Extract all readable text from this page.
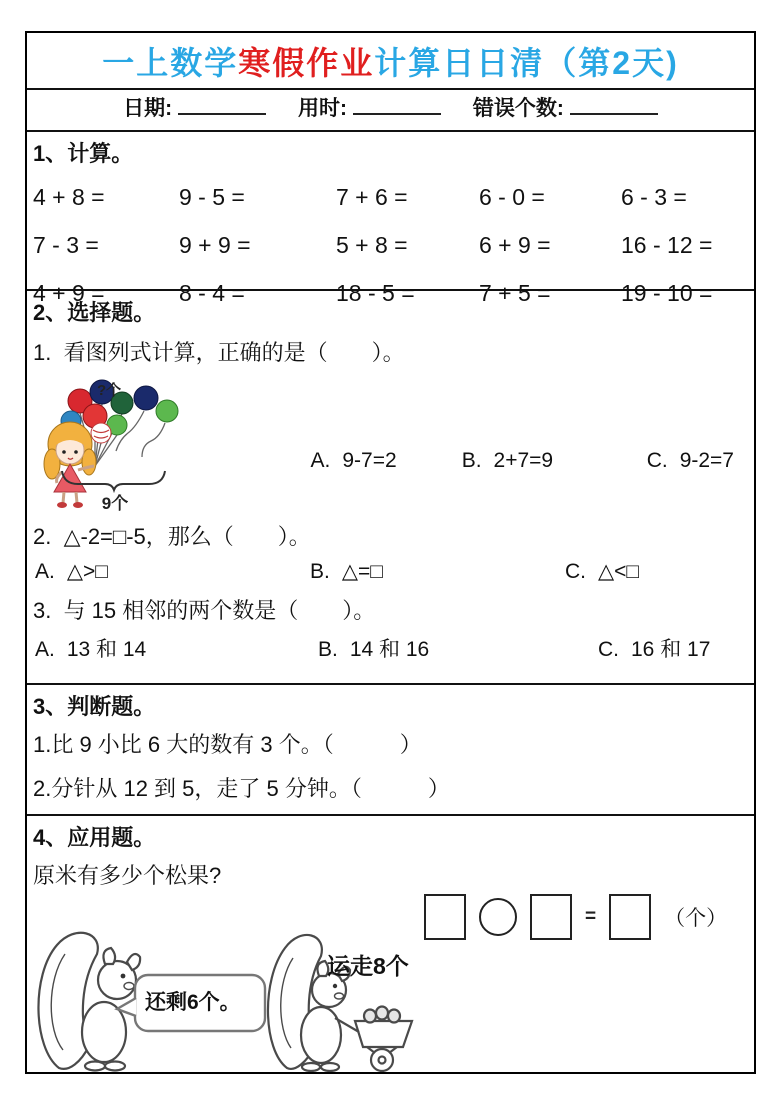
一上数学 寒假作业 计算日日清（第2天)
日期:	用时:	错误个数:
1、计算。
4 + 8 =	9 - 5 =	7 + 6 =	6 - 0 =	6 - 3 =
7 - 3 =	9 + 9 =	5 + 8 =	6 + 9 =	16 - 12 =
4 + 9 =	8 - 4 =	18 - 5 =	7 + 5 =	19 - 10 =
2、选择题。
1.  看图列式计算，正确的是（　　）。
?个
9个

A. 9-7=2
	B. 2+7=9
	C. 9-2=7

2.  △-2=□-5，那么（　　）。
A. △>□	B. △=□	C. △<□
3.  与 15 相邻的两个数是（　　）。
A. 13 和 14	B. 14 和 16	C. 16 和 17
3、判断题。
1.比 9 小比 6 大的数有 3 个。（　　　）
2.分针从 12 到 5，走了 5 分钟。（　　　）
4、应用题。
原米有多少个松果?
=	（个）
还剩6个。
运走8个
